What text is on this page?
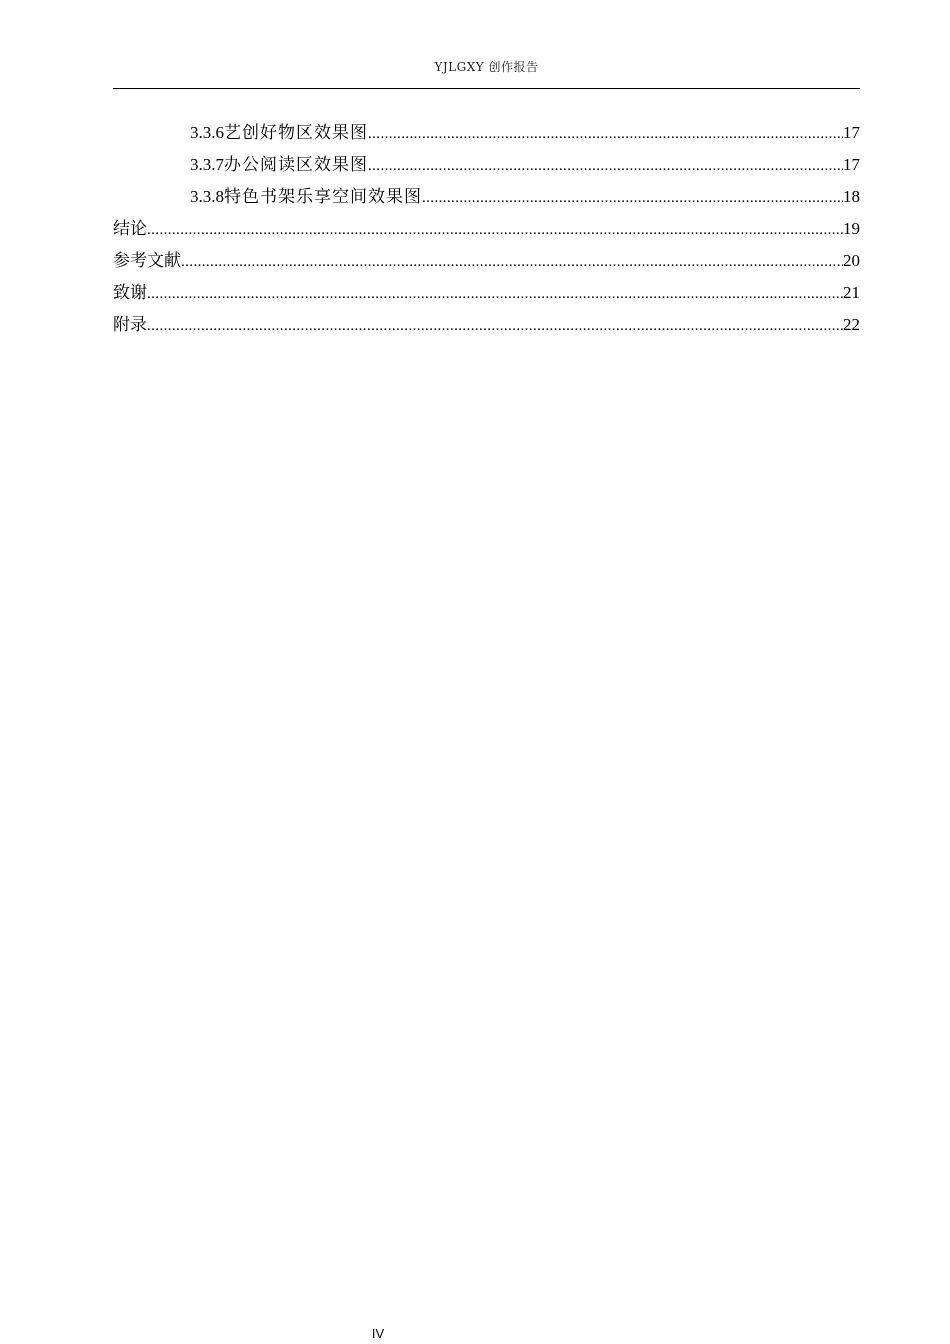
YJLGXY 创作报告
3.3.6 艺创好物区效果图 .....	17
3.3.7 办公阅读区效果图 .....	17
3.3.8 特色书架乐享空间效果图 .....	18
结论 .....	19
参考文献 .....	20
致谢 .....	21
附录 .....	22
IV
